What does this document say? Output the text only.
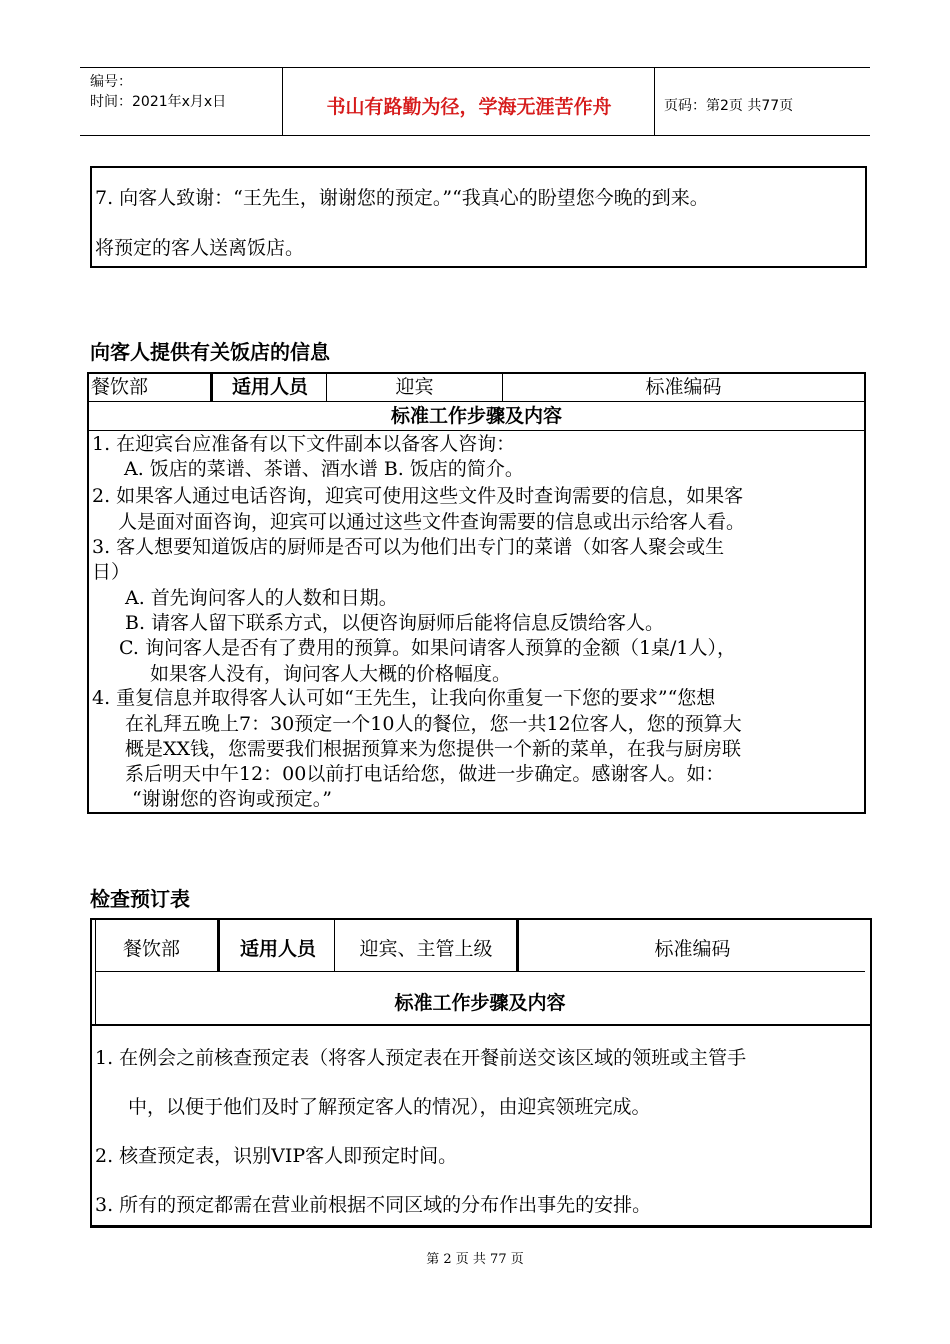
编号：
时间：2021年x月x日	书山有路勤为径，学海无涯苦作舟	页码：第2页 共77页

7. 向客人致谢：“王先生，谢谢您的预定。”“我真心的盼望您今晚的到来。

将预定的客人送离饭店。

向客人提供有关饭店的信息
餐饮部	适用人员	迎宾	标准编码
标准工作步骤及内容

1. 在迎宾台应准备有以下文件副本以备客人咨询：

A. 饭店的菜谱、茶谱、酒水谱 B. 饭店的简介。

2. 如果客人通过电话咨询，迎宾可使用这些文件及时查询需要的信息，如果客

人是面对面咨询，迎宾可以通过这些文件查询需要的信息或出示给客人看。

3. 客人想要知道饭店的厨师是否可以为他们出专门的菜谱（如客人聚会或生

日）

A. 首先询问客人的人数和日期。

B. 请客人留下联系方式，以便咨询厨师后能将信息反馈给客人。

C. 询问客人是否有了费用的预算。如果问请客人预算的金额（1桌/1人），

如果客人没有，询问客人大概的价格幅度。

4. 重复信息并取得客人认可如“王先生，让我向你重复一下您的要求”“您想

在礼拜五晚上7：30预定一个10人的餐位，您一共12位客人，您的预算大

概是XX钱，您需要我们根据预算来为您提供一个新的菜单，在我与厨房联

系后明天中午12：00以前打电话给您，做进一步确定。感谢客人。如：

“谢谢您的咨询或预定。”

检查预订表
餐饮部	适用人员	迎宾、主管上级	标准编码
标准工作步骤及内容

1. 在例会之前核查预定表（将客人预定表在开餐前送交该区域的领班或主管手

中，以便于他们及时了解预定客人的情况），由迎宾领班完成。

2. 核查预定表，识别VIP客人即预定时间。

3. 所有的预定都需在营业前根据不同区域的分布作出事先的安排。

第 2 页 共 77 页
